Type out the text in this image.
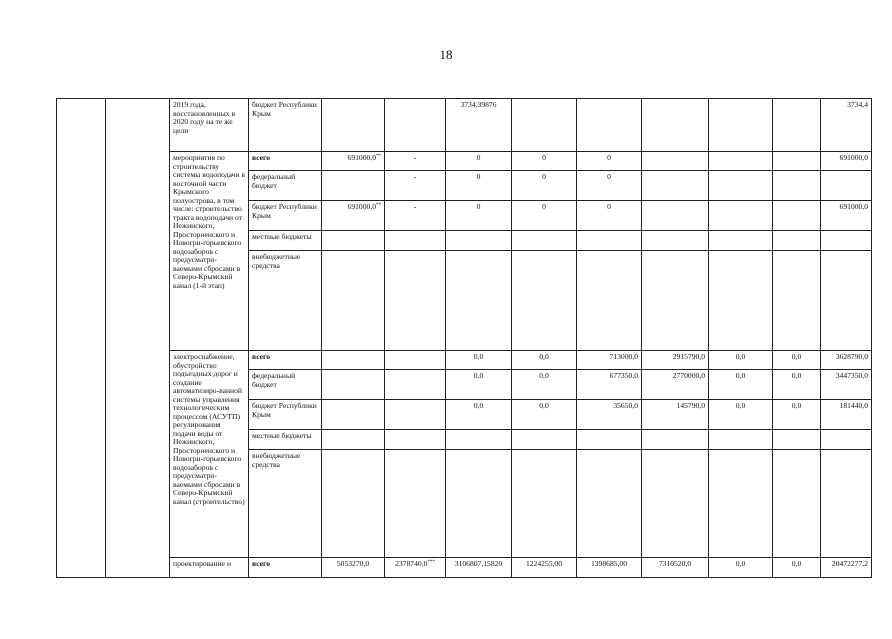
18
		2019 года, восстановленных в 2020 году на те же цели	бюджет Республики Крым			3734,39876						3734,4
		мероприятия по строительству системы водоподачи в восточной части Крымского полуострова, в том числе: строительство тракта водоподачи от Нежинского, Просторненского и Новогри-горьевского водозаборов с предусматри-ваемыми сбросами в Северо-Крымский канал (1-й этап)	всего	691000,0**	-	0	0	0				691000,0
			федеральный бюджет		-	0	0	0				
			бюджет Республики Крым	691000,0**	-	0	0	0				691000,0
			местные бюджеты									
			внебюджетные средства									
		электроснабжение, обустройство подъездных дорог и создание автоматизиро-ванной системы управления технологическим процессом (АСУТП) регулирования подачи воды от Нежинского, Просторненского и Новогри-горьевского водозаборов с предусматри-ваемыми сбросами в Северо-Крымский канал (строительство)	всего			0,0	0,0	713000,0	2915790,0	0,0	0,0	3628790,0
			федеральный бюджет			0,0	0,0	677350,0	2770000,0	0,0	0,0	3447350,0
			бюджет Республики Крым			0,0	0,0	35650,0	145790,0	0,0	0,0	181440,0
			местные бюджеты									
			внебюджетные средства									
		проектирование и	всего	5053270,0	2378740,0***	3106807,15820	1224255,00	1398685,00	7310520,0	0,0	0,0	20472277,2
